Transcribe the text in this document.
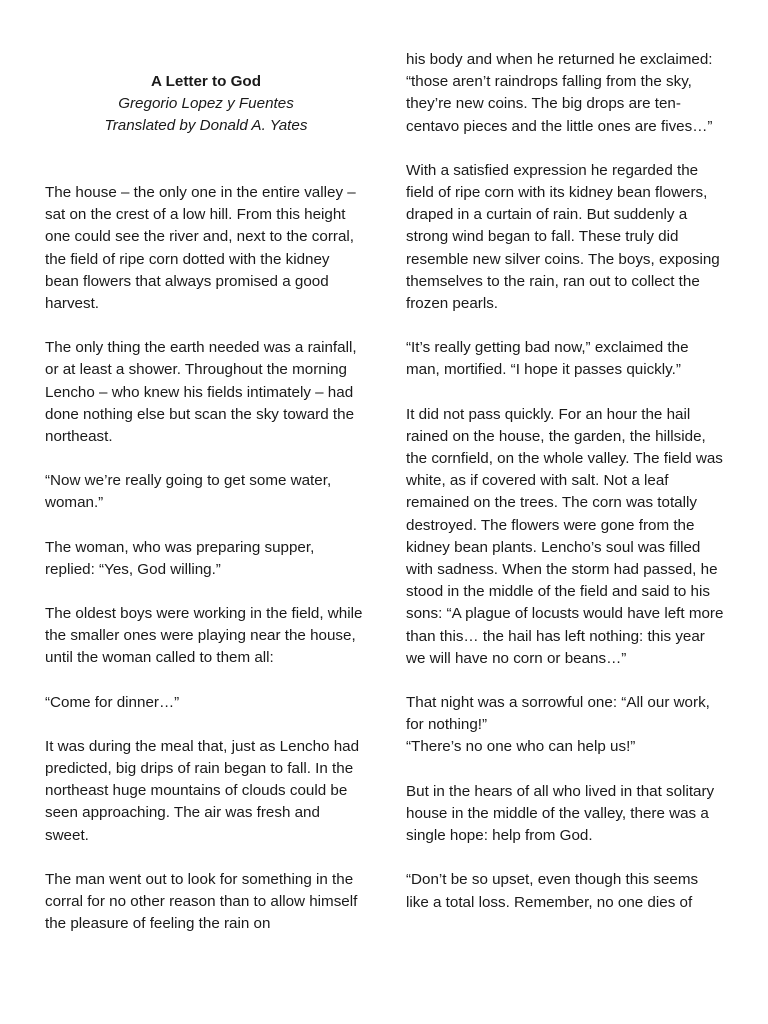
A Letter to God
Gregorio Lopez y Fuentes
Translated by Donald A. Yates

The house – the only one in the entire valley – sat on the crest of a low hill. From this height one could see the river and, next to the corral, the field of ripe corn dotted with the kidney bean flowers that always promised a good harvest.

The only thing the earth needed was a rainfall, or at least a shower. Throughout the morning Lencho – who knew his fields intimately – had done nothing else but scan the sky toward the northeast.

“Now we’re really going to get some water, woman.”

The woman, who was preparing supper, replied: “Yes, God willing.”

The oldest boys were working in the field, while the smaller ones were playing near the house, until the woman called to them all:

“Come for dinner…”

It was during the meal that, just as Lencho had predicted, big drips of rain began to fall. In the northeast huge mountains of clouds could be seen approaching. The air was fresh and sweet.

The man went out to look for something in the corral for no other reason than to allow himself the pleasure of feeling the rain on

his body and when he returned he exclaimed: “those aren’t raindrops falling from the sky, they’re new coins. The big drops are ten-centavo pieces and the little ones are fives…”

With a satisfied expression he regarded the field of ripe corn with its kidney bean flowers, draped in a curtain of rain. But suddenly a strong wind began to fall. These truly did resemble new silver coins. The boys, exposing themselves to the rain, ran out to collect the frozen pearls.

“It’s really getting bad now,” exclaimed the man, mortified. “I hope it passes quickly.”

It did not pass quickly. For an hour the hail rained on the house, the garden, the hillside, the cornfield, on the whole valley. The field was white, as if covered with salt. Not a leaf remained on the trees. The corn was totally destroyed. The flowers were gone from the kidney bean plants. Lencho’s soul was filled with sadness. When the storm had passed, he stood in the middle of the field and said to his sons: “A plague of locusts would have left more than this… the hail has left nothing: this year we will have no corn or beans…”

That night was a sorrowful one: “All our work, for nothing!”

“There’s no one who can help us!”

But in the hears of all who lived in that solitary house in the middle of the valley, there was a single hope: help from God.

“Don’t be so upset, even though this seems like a total loss. Remember, no one dies of
